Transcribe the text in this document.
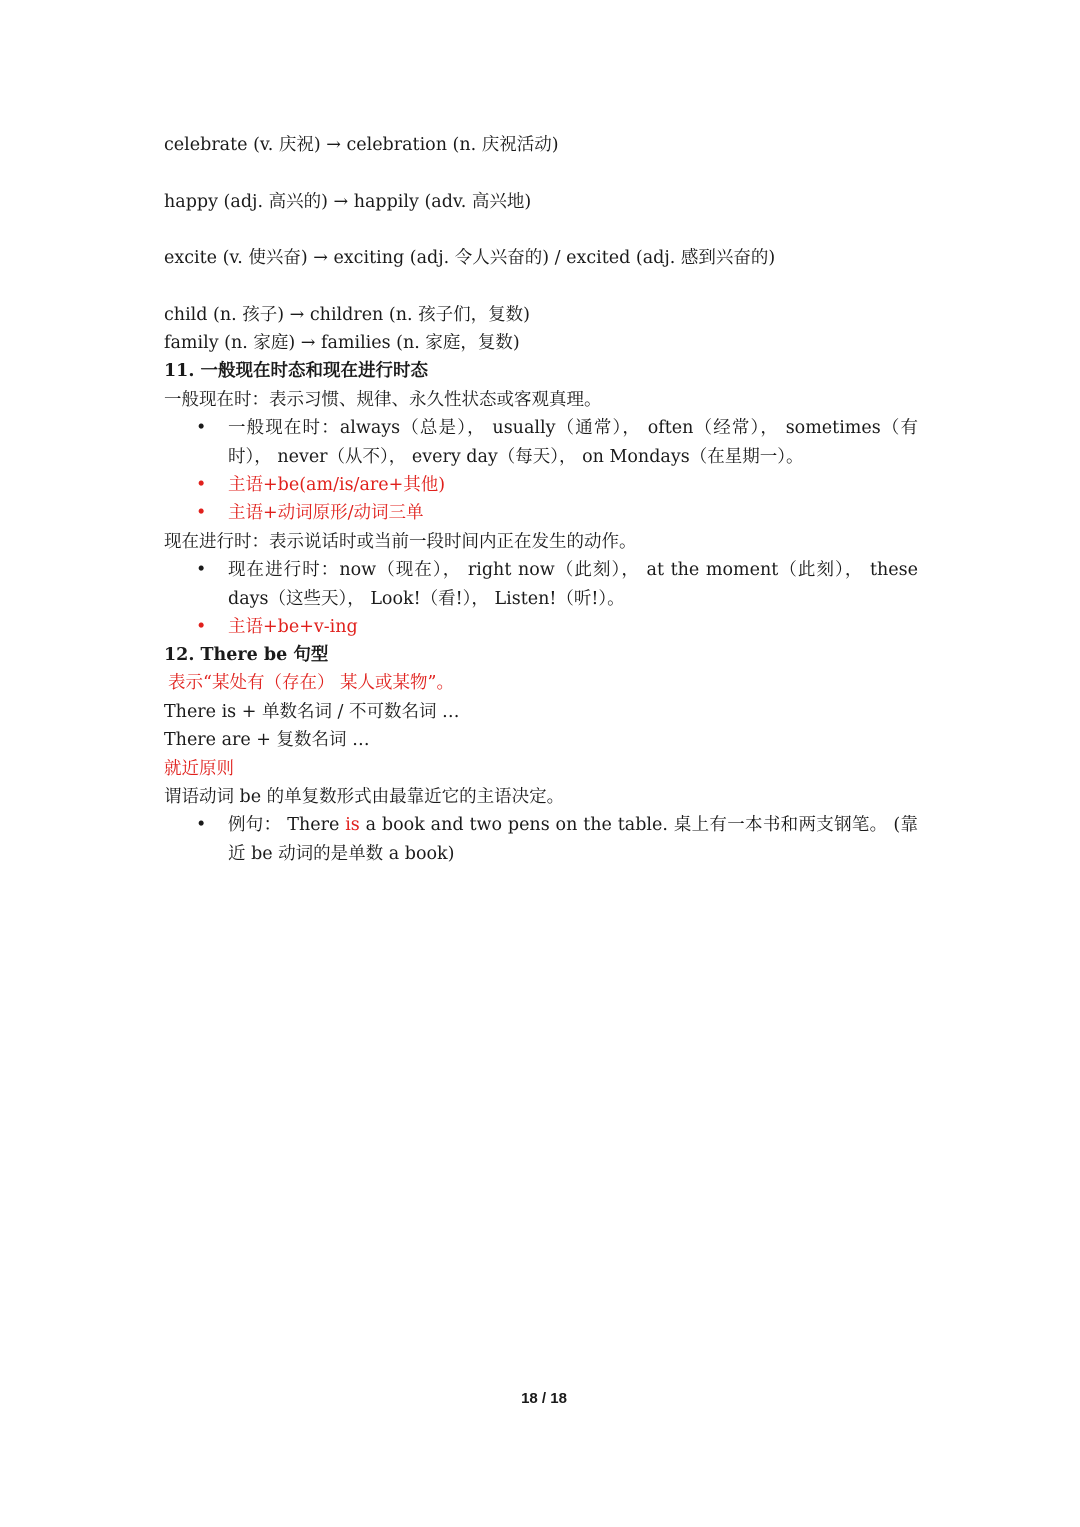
celebrate (v. 庆祝) → celebration (n. 庆祝活动)
happy (adj. 高兴的) → happily (adv. 高兴地)
excite (v. 使兴奋) → exciting (adj. 令人兴奋的) / excited (adj. 感到兴奋的)
child (n. 孩子) → children (n. 孩子们，复数)
family (n. 家庭) → families (n. 家庭，复数)
11. 一般现在时态和现在进行时态
一般现在时：表示习惯、规律、永久性状态或客观真理。
• 一般现在时：always（总是）， usually（通常）， often（经常）， sometimes（有时）， never（从不）， every day（每天）， on Mondays（在星期一）。
• 主语+be(am/is/are+其他)
• 主语+动词原形/动词三单
现在进行时：表示说话时或当前一段时间内正在发生的动作。
• 现在进行时：now（现在）， right now（此刻）， at the moment（此刻）， these days（这些天）， Look!（看!）， Listen!（听!）。
• 主语+be+v-ing
12. There be 句型
表示“某处有（存在） 某人或某物”。
There is + 单数名词 / 不可数名词 …
There are + 复数名词 …
就近原则
谓语动词 be 的单复数形式由最靠近它的主语决定。
• 例句： There is a book and two pens on the table. 桌上有一本书和两支钢笔。 (靠近 be 动词的是单数 a book)
18 / 18
